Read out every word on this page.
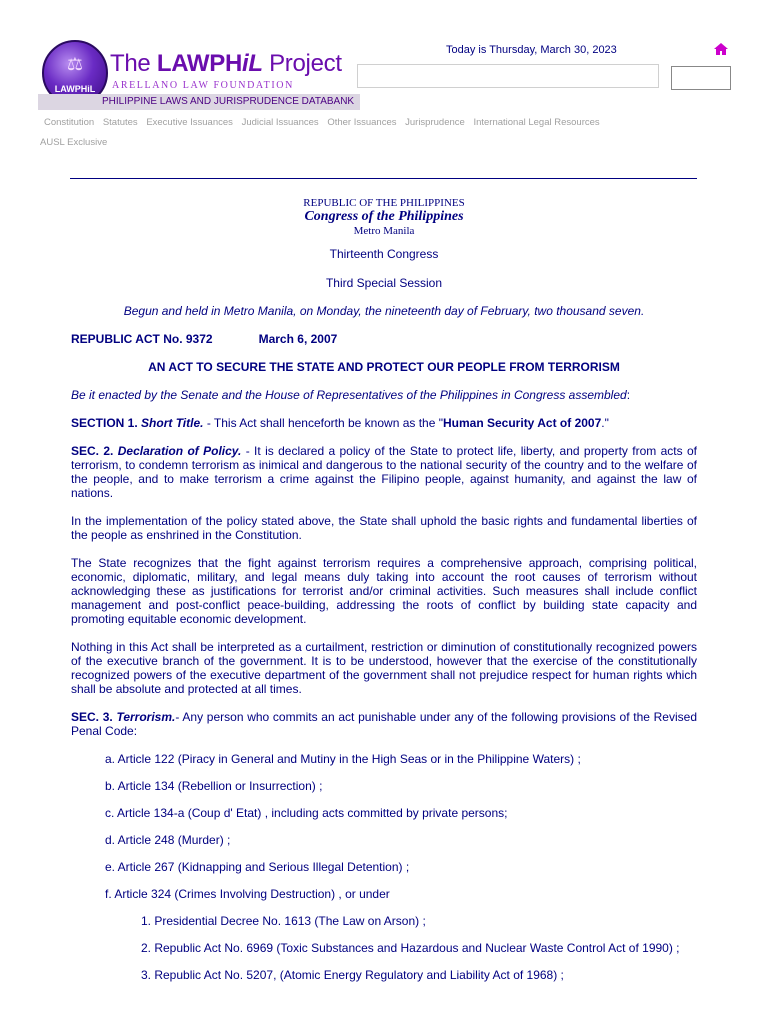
⚖
LAWPHiL
The LAWPHiL Project
ARELLANO LAW FOUNDATION
PHILIPPINE LAWS AND JURISPRUDENCE DATABANK
Today is Thursday, March 30, 2023
Constitution Statutes Executive Issuances Judicial Issuances Other Issuances Jurisprudence International Legal Resources
AUSL Exclusive
REPUBLIC OF THE PHILIPPINES
Congress of the Philippines
Metro Manila

Thirteenth Congress

Third Special Session

Begun and held in Metro Manila, on Monday, the nineteenth day of February, two thousand seven.

REPUBLIC ACT No. 9372	March 6, 2007

AN ACT TO SECURE THE STATE AND PROTECT OUR PEOPLE FROM TERRORISM

Be it enacted by the Senate and the House of Representatives of the Philippines in Congress assembled:

SECTION 1. Short Title. - This Act shall henceforth be known as the "Human Security Act of 2007."

SEC. 2. Declaration of Policy. - It is declared a policy of the State to protect life, liberty, and property from acts of terrorism, to condemn terrorism as inimical and dangerous to the national security of the country and to the welfare of the people, and to make terrorism a crime against the Filipino people, against humanity, and against the law of nations.

In the implementation of the policy stated above, the State shall uphold the basic rights and fundamental liberties of the people as enshrined in the Constitution.

The State recognizes that the fight against terrorism requires a comprehensive approach, comprising political, economic, diplomatic, military, and legal means duly taking into account the root causes of terrorism without acknowledging these as justifications for terrorist and/or criminal activities. Such measures shall include conflict management and post-conflict peace-building, addressing the roots of conflict by building state capacity and promoting equitable economic development.

Nothing in this Act shall be interpreted as a curtailment, restriction or diminution of constitutionally recognized powers of the executive branch of the government. It is to be understood, however that the exercise of the constitutionally recognized powers of the executive department of the government shall not prejudice respect for human rights which shall be absolute and protected at all times.

SEC. 3. Terrorism.- Any person who commits an act punishable under any of the following provisions of the Revised Penal Code:

a. Article 122 (Piracy in General and Mutiny in the High Seas or in the Philippine Waters) ;

b. Article 134 (Rebellion or Insurrection) ;

c. Article 134-a (Coup d' Etat) , including acts committed by private persons;

d. Article 248 (Murder) ;

e. Article 267 (Kidnapping and Serious Illegal Detention) ;

f. Article 324 (Crimes Involving Destruction) , or under

1. Presidential Decree No. 1613 (The Law on Arson) ;

2. Republic Act No. 6969 (Toxic Substances and Hazardous and Nuclear Waste Control Act of 1990) ;

3. Republic Act No. 5207, (Atomic Energy Regulatory and Liability Act of 1968) ;
